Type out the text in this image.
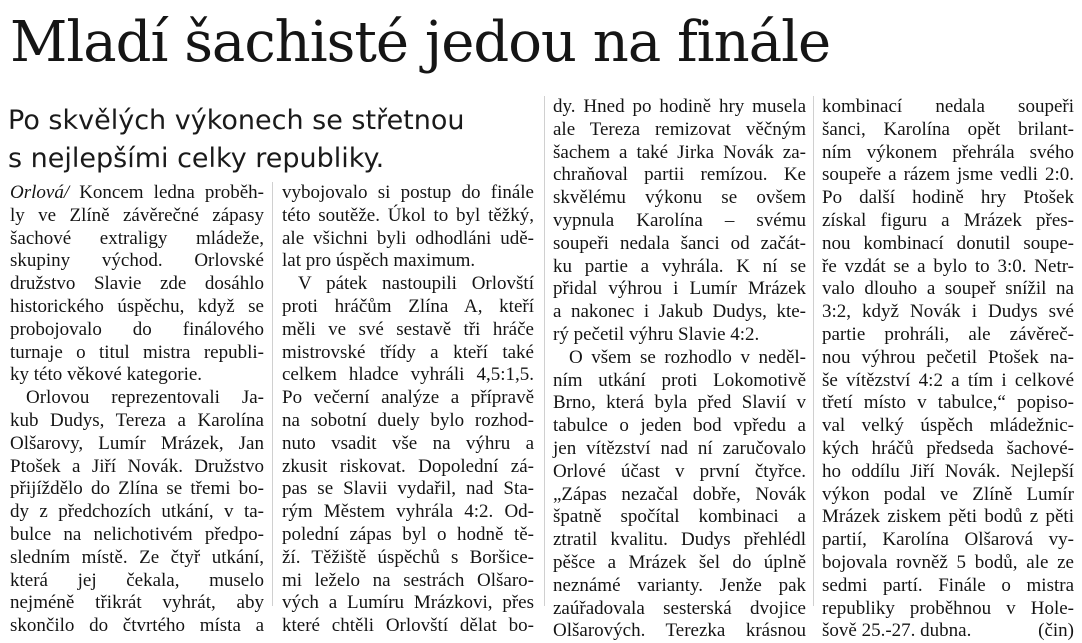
Mladí šachisté jedou na finále
Po skvělých výkonech se střetnou
s nejlepšími celky republiky.
Orlová/ Koncem ledna proběh-
ly ve Zlíně závěrečné zápasy
šachové extraligy mládeže,
skupiny východ. Orlovské
družstvo Slavie zde dosáhlo
historického úspěchu, když se
probojovalo do finálového
turnaje o titul mistra republi-
ky této věkové kategorie.
Orlovou reprezentovali Ja-
kub Dudys, Tereza a Karolína
Olšarovy, Lumír Mrázek, Jan
Ptošek a Jiří Novák. Družstvo
přijíždělo do Zlína se třemi bo-
dy z předchozích utkání, v ta-
bulce na nelichotivém předpo-
sledním místě. Ze čtyř utkání,
která jej čekala, muselo
nejméně třikrát vyhrát, aby
skončilo do čtvrtého místa a
vybojovalo si postup do finále
této soutěže. Úkol to byl těžký,
ale všichni byli odhodláni udě-
lat pro úspěch maximum.
V pátek nastoupili Orlovští
proti hráčům Zlína A, kteří
měli ve své sestavě tři hráče
mistrovské třídy a kteří také
celkem hladce vyhráli 4,5:1,5.
Po večerní analýze a přípravě
na sobotní duely bylo rozhod-
nuto vsadit vše na výhru a
zkusit riskovat. Dopolední zá-
pas se Slavii vydařil, nad Sta-
rým Městem vyhrála 4:2. Od-
polední zápas byl o hodně tě-
ží. Těžiště úspěchů s Boršice-
mi leželo na sestrách Olšaro-
vých a Lumíru Mrázkovi, přes
které chtěli Orlovští dělat bo-
dy. Hned po hodině hry musela
ale Tereza remizovat věčným
šachem a také Jirka Novák za-
chraňoval partii remízou. Ke
skvělému výkonu se ovšem
vypnula Karolína – svému
soupeři nedala šanci od začát-
ku partie a vyhrála. K ní se
přidal výhrou i Lumír Mrázek
a nakonec i Jakub Dudys, kte-
rý pečetil výhru Slavie 4:2.
O všem se rozhodlo v neděl-
ním utkání proti Lokomotivě
Brno, která byla před Slavií v
tabulce o jeden bod vpředu a
jen vítězství nad ní zaručovalo
Orlové účast v první čtyřce.
„Zápas nezačal dobře, Novák
špatně spočítal kombinaci a
ztratil kvalitu. Dudys přehlédl
pěšce a Mrázek šel do úplně
neznámé varianty. Jenže pak
zaúřadovala sesterská dvojice
Olšarových. Terezka krásnou
kombinací nedala soupeři
šanci, Karolína opět brilant-
ním výkonem přehrála svého
soupeře a rázem jsme vedli 2:0.
Po další hodině hry Ptošek
získal figuru a Mrázek přes-
nou kombinací donutil soupe-
ře vzdát se a bylo to 3:0. Netr-
valo dlouho a soupeř snížil na
3:2, když Novák i Dudys své
partie prohráli, ale závěreč-
nou výhrou pečetil Ptošek na-
še vítězství 4:2 a tím i celkové
třetí místo v tabulce,“ popiso-
val velký úspěch mládežnic-
kých hráčů předseda šachové-
ho oddílu Jiří Novák. Nejlepší
výkon podal ve Zlíně Lumír
Mrázek ziskem pěti bodů z pěti
partií, Karolína Olšarová vy-
bojovala rovněž 5 bodů, ale ze
sedmi partí. Finále o mistra
republiky proběhnou v Hole-
šově 25.-27. dubna.	(čin)
